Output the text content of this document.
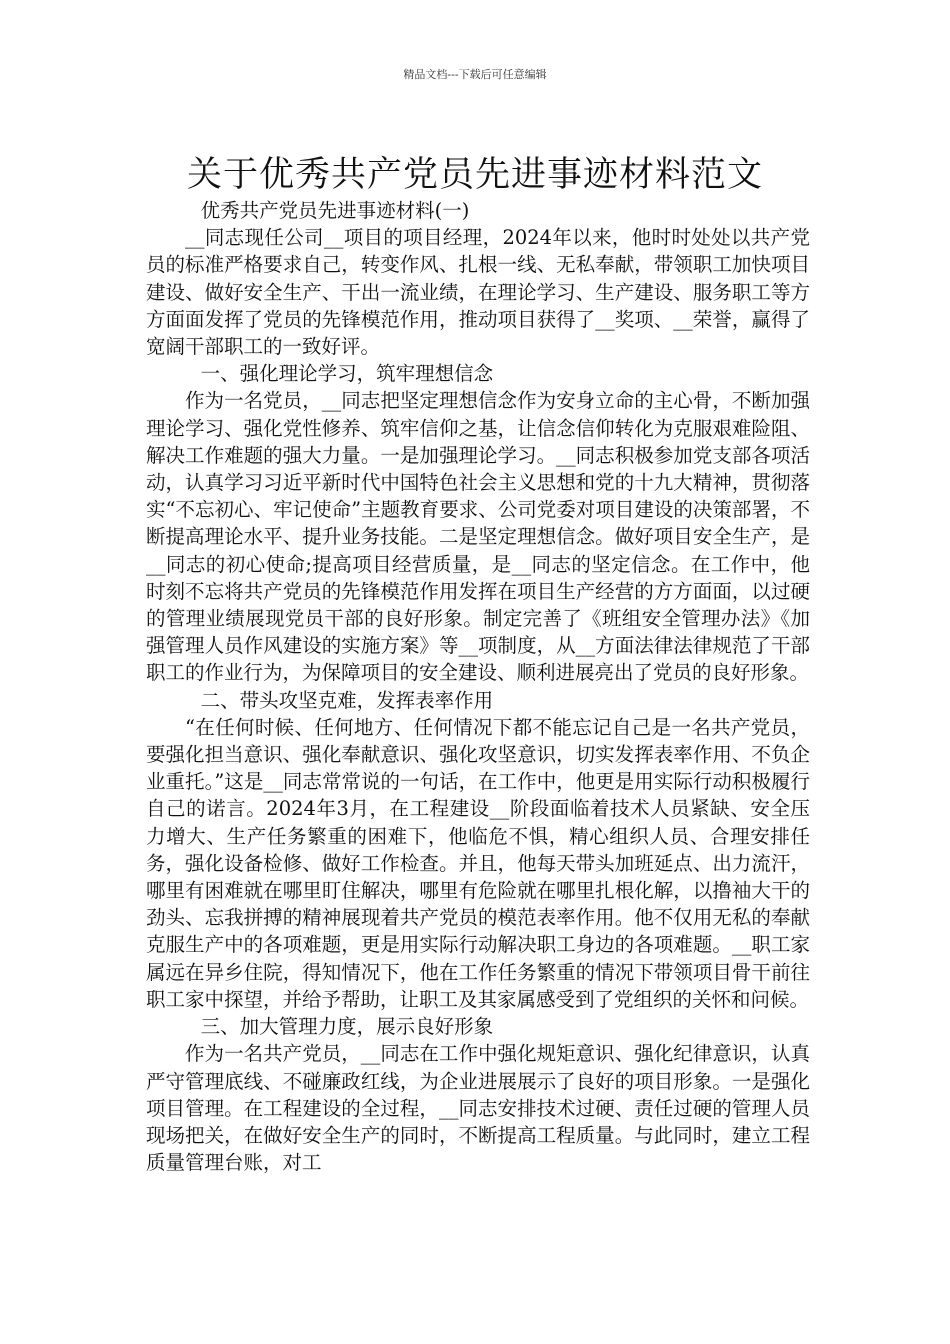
精品文档---下载后可任意编辑
关于优秀共产党员先进事迹材料范文

优秀共产党员先进事迹材料(一)

__同志现任公司__项目的项目经理，2024年以来，他时时处处以共产党员的标准严格要求自己，转变作风、扎根一线、无私奉献，带领职工加快项目建设、做好安全生产、干出一流业绩，在理论学习、生产建设、服务职工等方方面面发挥了党员的先锋模范作用，推动项目获得了__奖项、__荣誉，赢得了宽阔干部职工的一致好评。

一、强化理论学习，筑牢理想信念

作为一名党员，__同志把坚定理想信念作为安身立命的主心骨，不断加强理论学习、强化党性修养、筑牢信仰之基，让信念信仰转化为克服艰难险阻、解决工作难题的强大力量。一是加强理论学习。__同志积极参加党支部各项活动，认真学习习近平新时代中国特色社会主义思想和党的十九大精神，贯彻落实“不忘初心、牢记使命”主题教育要求、公司党委对项目建设的决策部署，不断提高理论水平、提升业务技能。二是坚定理想信念。做好项目安全生产，是__同志的初心使命;提高项目经营质量，是__同志的坚定信念。在工作中，他时刻不忘将共产党员的先锋模范作用发挥在项目生产经营的方方面面，以过硬的管理业绩展现党员干部的良好形象。制定完善了《班组安全管理办法》《加强管理人员作风建设的实施方案》等__项制度，从__方面法律法律规范了干部职工的作业行为，为保障项目的安全建设、顺利进展亮出了党员的良好形象。

二、带头攻坚克难，发挥表率作用

“在任何时候、任何地方、任何情况下都不能忘记自己是一名共产党员，要强化担当意识、强化奉献意识、强化攻坚意识，切实发挥表率作用、不负企业重托。”这是__同志常常说的一句话，在工作中，他更是用实际行动积极履行自己的诺言。2024年3月，在工程建设__阶段面临着技术人员紧缺、安全压力增大、生产任务繁重的困难下，他临危不惧，精心组织人员、合理安排任务，强化设备检修、做好工作检查。并且，他每天带头加班延点、出力流汗，哪里有困难就在哪里盯住解决，哪里有危险就在哪里扎根化解，以撸袖大干的劲头、忘我拼搏的精神展现着共产党员的模范表率作用。他不仅用无私的奉献克服生产中的各项难题，更是用实际行动解决职工身边的各项难题。__职工家属远在异乡住院，得知情况下，他在工作任务繁重的情况下带领项目骨干前往职工家中探望，并给予帮助，让职工及其家属感受到了党组织的关怀和问候。

三、加大管理力度，展示良好形象

作为一名共产党员，__同志在工作中强化规矩意识、强化纪律意识，认真严守管理底线、不碰廉政红线，为企业进展展示了良好的项目形象。一是强化项目管理。在工程建设的全过程，__同志安排技术过硬、责任过硬的管理人员现场把关，在做好安全生产的同时，不断提高工程质量。与此同时，建立工程质量管理台账，对工
